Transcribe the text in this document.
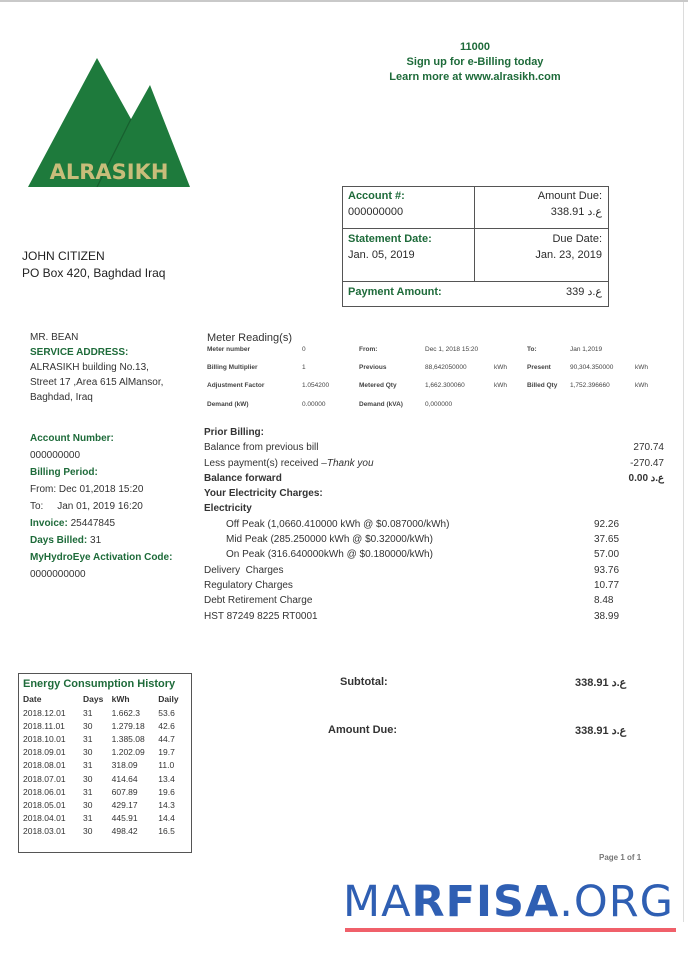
ALRASIKH
11000
Sign up for e-Billing today
Learn more at www.alrasikh.com
Account #:
000000000
Amount Due:
338.91 ع.د
Statement Date:
Jan. 05, 2019
Due Date:
Jan. 23, 2019
Payment Amount:	339 ع.د
JOHN CITIZEN
PO Box 420, Baghdad Iraq
MR. BEAN
SERVICE ADDRESS:
ALRASIKH building No.13,
Street 17 ,Area 615 AlMansor,
Baghdad, Iraq
Account Number:
000000000
Billing Period:
From: Dec 01,2018 15:20
To:     Jan 01, 2019 16:20
Invoice: 25447845
Days Billed: 31
MyHydroEye Activation Code:
0000000000
Meter Reading(s)
Meter number	0	From:	Dec 1, 2018 15:20	To:	Jan 1,2019
Billing Multiplier	1	Previous	88,642050000	kWh	Present	90,304.350000	kWh
Adjustment Factor	1.054200	Metered Qty	1,662.300060	kWh	Billed Qty 1,752.396660	kWh
Demand (kW)	0.00000	Demand (kVA)	0,000000
Prior Billing:
Balance from previous bill	270.74
Less payment(s) received –Thank you	-270.47
Balance forward	0.00 ع.د
Your Electricity Charges:
Electricity
Off Peak (1,0660.410000 kWh @ $0.087000/kWh)	92.26
Mid Peak (285.250000 kWh @ $0.32000/kWh)	37.65
On Peak (316.640000kWh @ $0.180000/kWh)	57.00
Delivery  Charges	93.76
Regulatory Charges	10.77
Debt Retirement Charge	8.48
HST 87249 8225 RT0001	38.99
Energy Consumption History
Date	Days	kWh	Daily
2018.12.01	31	1.662.3	53.6
2018.11.01	30	1.279.18	42.6
2018.10.01	31	1.385.08	44.7
2018.09.01	30	1.202.09	19.7
2018.08.01	31	318.09	11.0
2018.07.01	30	414.64	13.4
2018.06.01	31	607.89	19.6
2018.05.01	30	429.17	14.3
2018.04.01	31	445.91	14.4
2018.03.01	30	498.42	16.5
Subtotal:	338.91 ع.د
Amount Due:	338.91 ع.د
Page 1 of 1
MARFISA.ORG
